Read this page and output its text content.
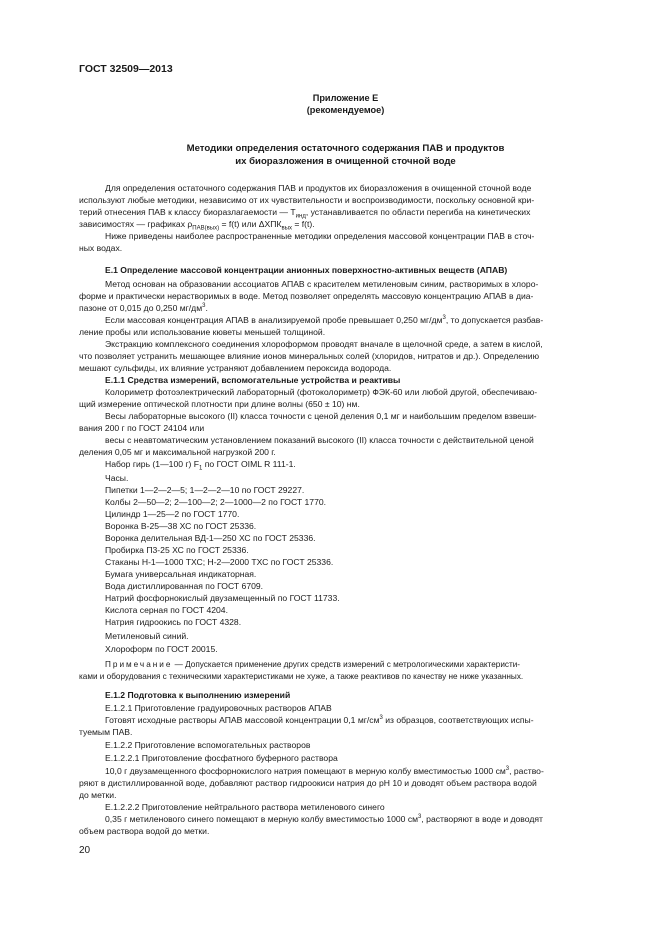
ГОСТ 32509—2013
Приложение Е
(рекомендуемое)
Методики определения остаточного содержания ПАВ и продуктов
их биоразложения в очищенной сточной воде
Для определения остаточного содержания ПАВ и продуктов их биоразложения в очищенной сточной воде
используют любые методики, независимо от их чувствительности и воспроизводимости, поскольку основной кри-
терий отнесения ПАВ к классу биоразлагаемости — $T_{инд}$, устанавливается по области перегиба на кинетических
зависимостях — графиках $\rho_{ПАВ(вых)} = f(t)$ или $\Delta ХПК_{вых} = f(t)$.
Ниже приведены наиболее распространенные методики определения массовой концентрации ПАВ в сточ-
ных водах.
Е.1 Определение массовой концентрации анионных поверхностно-активных веществ (АПАВ)
Метод основан на образовании ассоциатов АПАВ с красителем метиленовым синим, растворимых в хлоро-
форме и практически нерастворимых в воде. Метод позволяет определять массовую концентрацию АПАВ в диа-
пазоне от 0,015 до 0,250 $мг/дм^3$.
Если массовая концентрация АПАВ в анализируемой пробе превышает 0,250 $мг/дм^3$, то допускается разбав-
ление пробы или использование кюветы меньшей толщиной.
Экстракцию комплексного соединения хлороформом проводят вначале в щелочной среде, а затем в кислой,
что позволяет устранить мешающее влияние ионов минеральных солей (хлоридов, нитратов и др.). Определению
мешают сульфиды, их влияние устраняют добавлением пероксида водорода.
Е.1.1 Средства измерений, вспомогательные устройства и реактивы
Колориметр фотоэлектрический лабораторный (фотоколориметр) ФЭК-60 или любой другой, обеспечиваю-
щий измерение оптической плотности при длине волны (650 ± 10) нм.
Весы лабораторные высокого (II) класса точности с ценой деления 0,1 мг и наибольшим пределом взвеши-
вания 200 г по ГОСТ 24104 или
весы с неавтоматическим установлением показаний высокого (II) класса точности с действительной ценой
деления 0,05 мг и максимальной нагрузкой 200 г.
Набор гирь (1—100 г) $F_1$ по ГОСТ OIML R 111-1.
Часы.
Пипетки 1—2—2—5; 1—2—2—10 по ГОСТ 29227.
Колбы 2—50—2; 2—100—2; 2—1000—2 по ГОСТ 1770.
Цилиндр 1—25—2 по ГОСТ 1770.
Воронка В-25—38 ХС по ГОСТ 25336.
Воронка делительная ВД-1—250 ХС по ГОСТ 25336.
Пробирка П3-25 ХС по ГОСТ 25336.
Стаканы Н-1—1000 ТХС; Н-2—2000 ТХС по ГОСТ 25336.
Бумага универсальная индикаторная.
Вода дистиллированная по ГОСТ 6709.
Натрий фосфорнокислый двузамещенный по ГОСТ 11733.
Кислота серная по ГОСТ 4204.
Натрия гидроокись по ГОСТ 4328.
Метиленовый синий.
Хлороформ по ГОСТ 20015.
Примечание — Допускается применение других средств измерений с метрологическими характеристи-
ками и оборудования с техническими характеристиками не хуже, а также реактивов по качеству не ниже указанных.
Е.1.2 Подготовка к выполнению измерений
Е.1.2.1 Приготовление градуировочных растворов АПАВ
Готовят исходные растворы АПАВ массовой концентрации 0,1 $мг/см^3$ из образцов, соответствующих испы-
туемым ПАВ.
Е.1.2.2 Приготовление вспомогательных растворов
Е.1.2.2.1 Приготовление фосфатного буферного раствора
10,0 г двузамещенного фосфорнокислого натрия помещают в мерную колбу вместимостью 1000 $см^3$, раство-
ряют в дистиллированной воде, добавляют раствор гидроокиси натрия до pH 10 и доводят объем раствора водой
до метки.
Е.1.2.2.2 Приготовление нейтрального раствора метиленового синего
0,35 г метиленового синего помещают в мерную колбу вместимостью 1000 $см^3$, растворяют в воде и доводят
объем раствора водой до метки.
20
